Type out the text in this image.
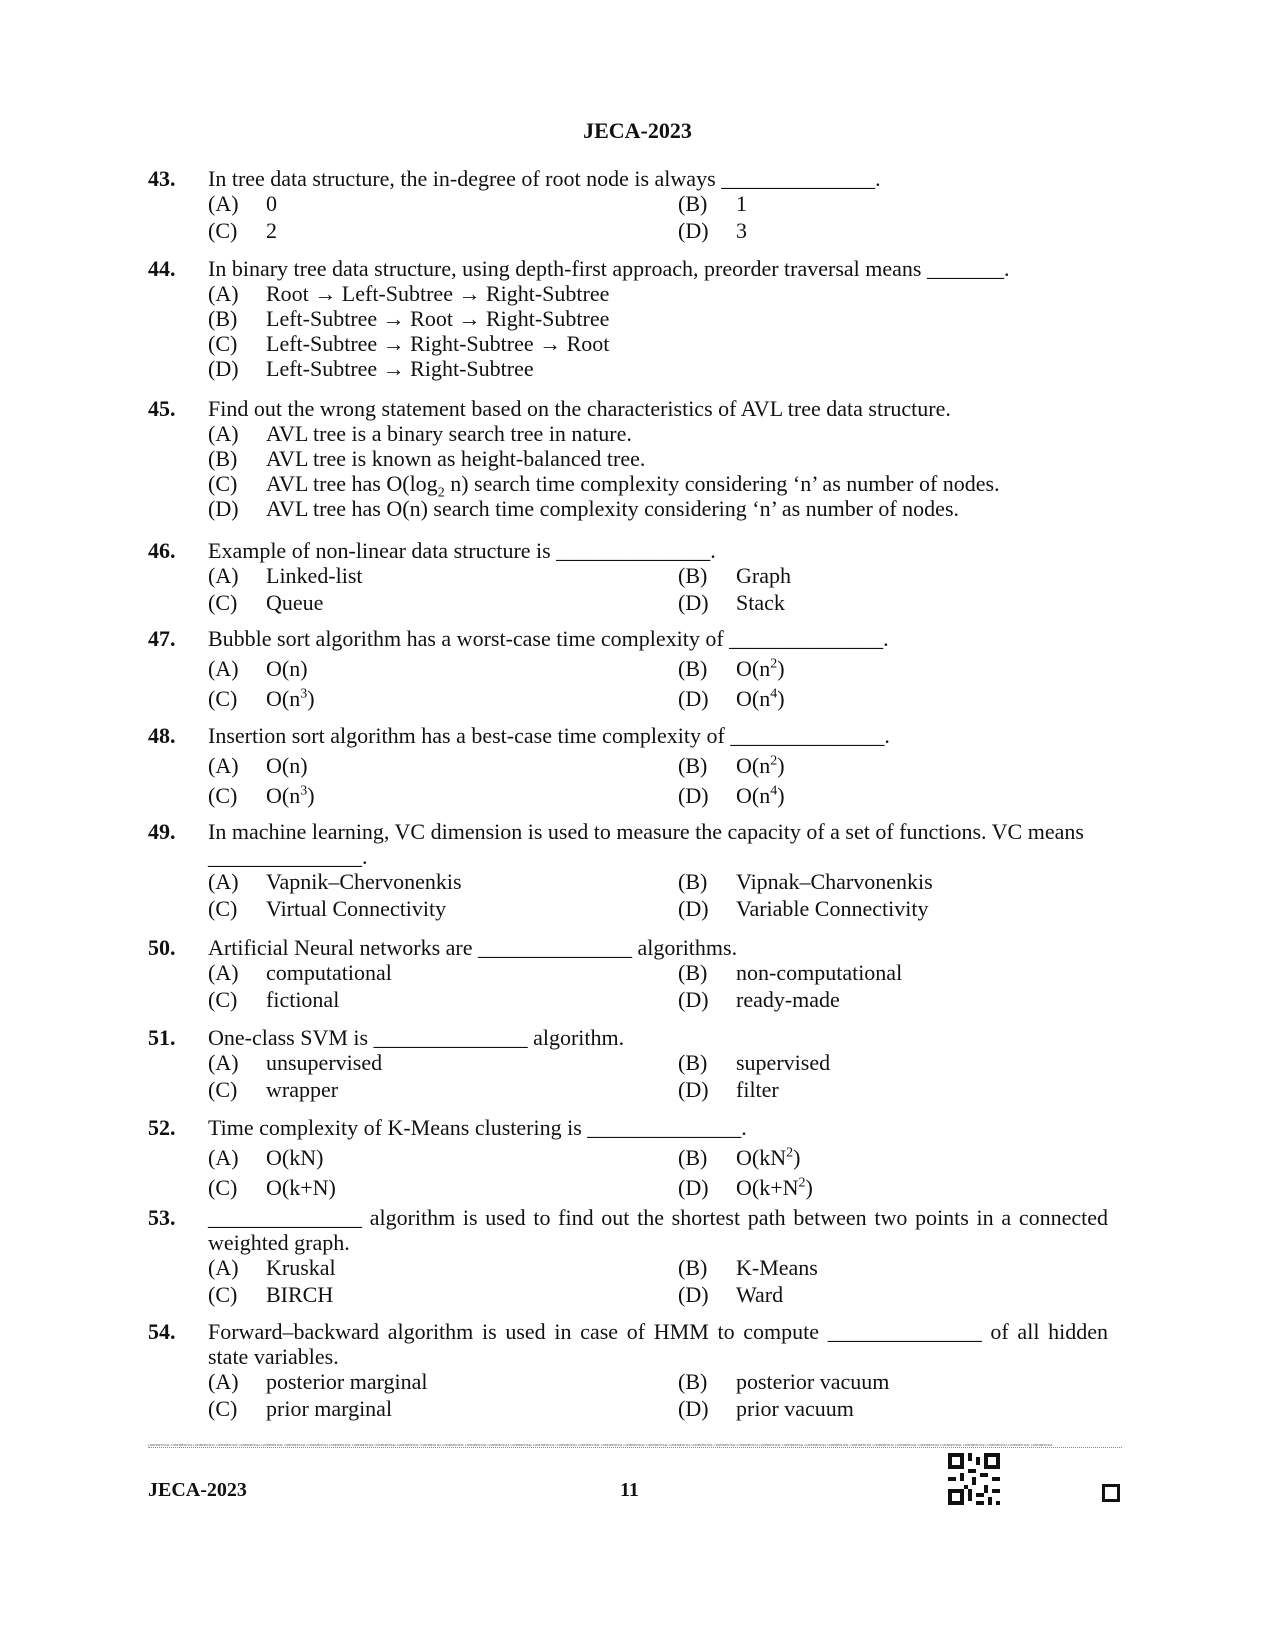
JECA-2023
43.	In tree data structure, the in-degree of root node is always ______________.
(A)	0	(B)	1
(C)	2	(D)	3
44.	In binary tree data structure, using depth-first approach, preorder traversal means _______.
(A)	Root → Left-Subtree → Right-Subtree
(B)	Left-Subtree → Root → Right-Subtree
(C)	Left-Subtree → Right-Subtree → Root
(D)	Left-Subtree → Right-Subtree
45.	Find out the wrong statement based on the characteristics of AVL tree data structure.
(A)	AVL tree is a binary search tree in nature.
(B)	AVL tree is known as height-balanced tree.
(C)	AVL tree has $O(\log_2$ n) search time complexity considering ‘n’ as number of nodes.
(D)	AVL tree has O(n) search time complexity considering ‘n’ as number of nodes.
46.	Example of non-linear data structure is ______________.
(A)	Linked-list	(B)	Graph
(C)	Queue	(D)	Stack
47.	Bubble sort algorithm has a worst-case time complexity of ______________.
(A)	O(n)	(B)	$O(n^2)$
(C)	$O(n^3)$	(D)	$O(n^4)$
48.	Insertion sort algorithm has a best-case time complexity of ______________.
(A)	O(n)	(B)	$O(n^2)$
(C)	$O(n^3)$	(D)	$O(n^4)$
49.	In machine learning, VC dimension is used to measure the capacity of a set of functions. VC means ______________.
(A)	Vapnik–Chervonenkis	(B)	Vipnak–Charvonenkis
(C)	Virtual Connectivity	(D)	Variable Connectivity
50.	Artificial Neural networks are ______________ algorithms.
(A)	computational	(B)	non-computational
(C)	fictional	(D)	ready-made
51.	One-class SVM is ______________ algorithm.
(A)	unsupervised	(B)	supervised
(C)	wrapper	(D)	filter
52.	Time complexity of K-Means clustering is ______________.
(A)	O(kN)	(B)	$O(kN^2)$
(C)	O(k+N)	(D)	$O(k+N^2)$
53.	______________ algorithm is used to find out the shortest path between two points in a connected weighted graph.
(A)	Kruskal	(B)	K-Means
(C)	BIRCH	(D)	Ward
54.	Forward–backward algorithm is used in case of HMM to compute ______________ of all hidden state variables.
(A)	posterior marginal	(B)	posterior vacuum
(C)	prior marginal	(D)	prior vacuum
CONFIDENTIAL CONFIDENTIAL CONFIDENTIAL CONFIDENTIAL CONFIDENTIAL CONFIDENTIAL CONFIDENTIAL CONFIDENTIAL CONFIDENTIAL CONFIDENTIAL CONFIDENTIAL CONFIDENTIAL CONFIDENTIAL CONFIDENTIAL CONFIDENTIAL CONFIDENTIAL CONFIDENTIAL CONFIDENTIAL CONFIDENTIAL CONFIDENTIAL CONFIDENTIAL CONFIDENTIAL CONFIDENTIAL CONFIDENTIAL CONFIDENTIAL CONFIDENTIAL CONFIDENTIAL CONFIDENTIAL CONFIDENTIAL CONFIDENTIAL CONFIDENTIAL CONFIDENTIAL CONFIDENTIAL CONFIDENTIAL CONFIDENTIAL CONFIDENTIAL CONFIDENTIAL CONFIDENTIAL CONFIDENTIAL CONFIDENTIAL
JECA-2023	11
